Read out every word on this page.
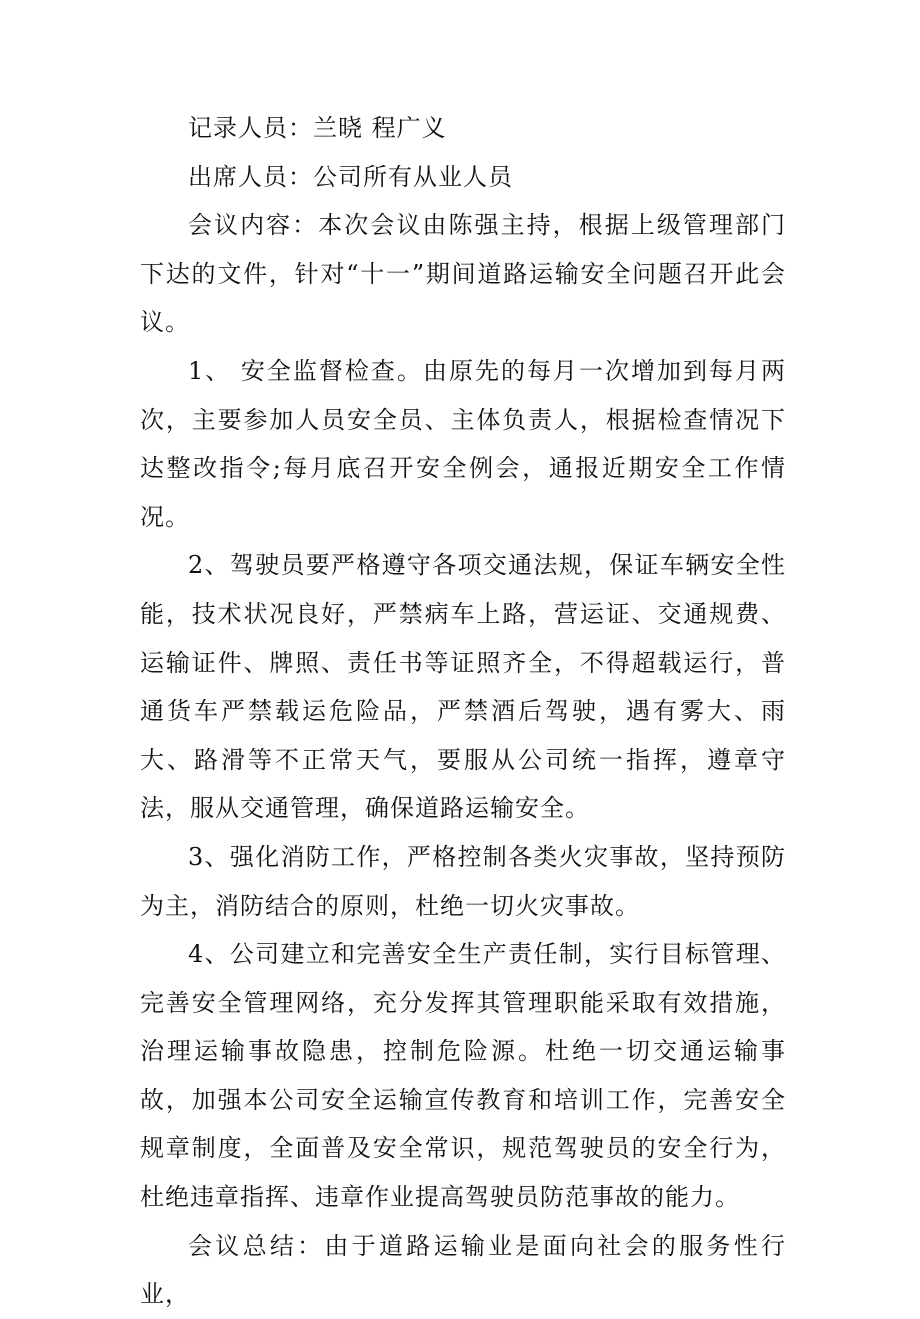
记录人员：兰晓 程广义

出席人员：公司所有从业人员

会议内容：本次会议由陈强主持，根据上级管理部门下达的文件，针对“十一”期间道路运输安全问题召开此会议。

1、 安全监督检查。由原先的每月一次增加到每月两次，主要参加人员安全员、主体负责人，根据检查情况下达整改指令;每月底召开安全例会，通报近期安全工作情况。

2、驾驶员要严格遵守各项交通法规，保证车辆安全性能，技术状况良好，严禁病车上路，营运证、交通规费、运输证件、牌照、责任书等证照齐全，不得超载运行，普通货车严禁载运危险品，严禁酒后驾驶，遇有雾大、雨大、路滑等不正常天气，要服从公司统一指挥，遵章守法，服从交通管理，确保道路运输安全。

3、强化消防工作，严格控制各类火灾事故，坚持预防为主，消防结合的原则，杜绝一切火灾事故。

4、公司建立和完善安全生产责任制，实行目标管理、完善安全管理网络，充分发挥其管理职能采取有效措施，治理运输事故隐患，控制危险源。杜绝一切交通运输事故，加强本公司安全运输宣传教育和培训工作，完善安全规章制度，全面普及安全常识，规范驾驶员的安全行为，杜绝违章指挥、违章作业提高驾驶员防范事故的能力。

会议总结：由于道路运输业是面向社会的服务性行业，
